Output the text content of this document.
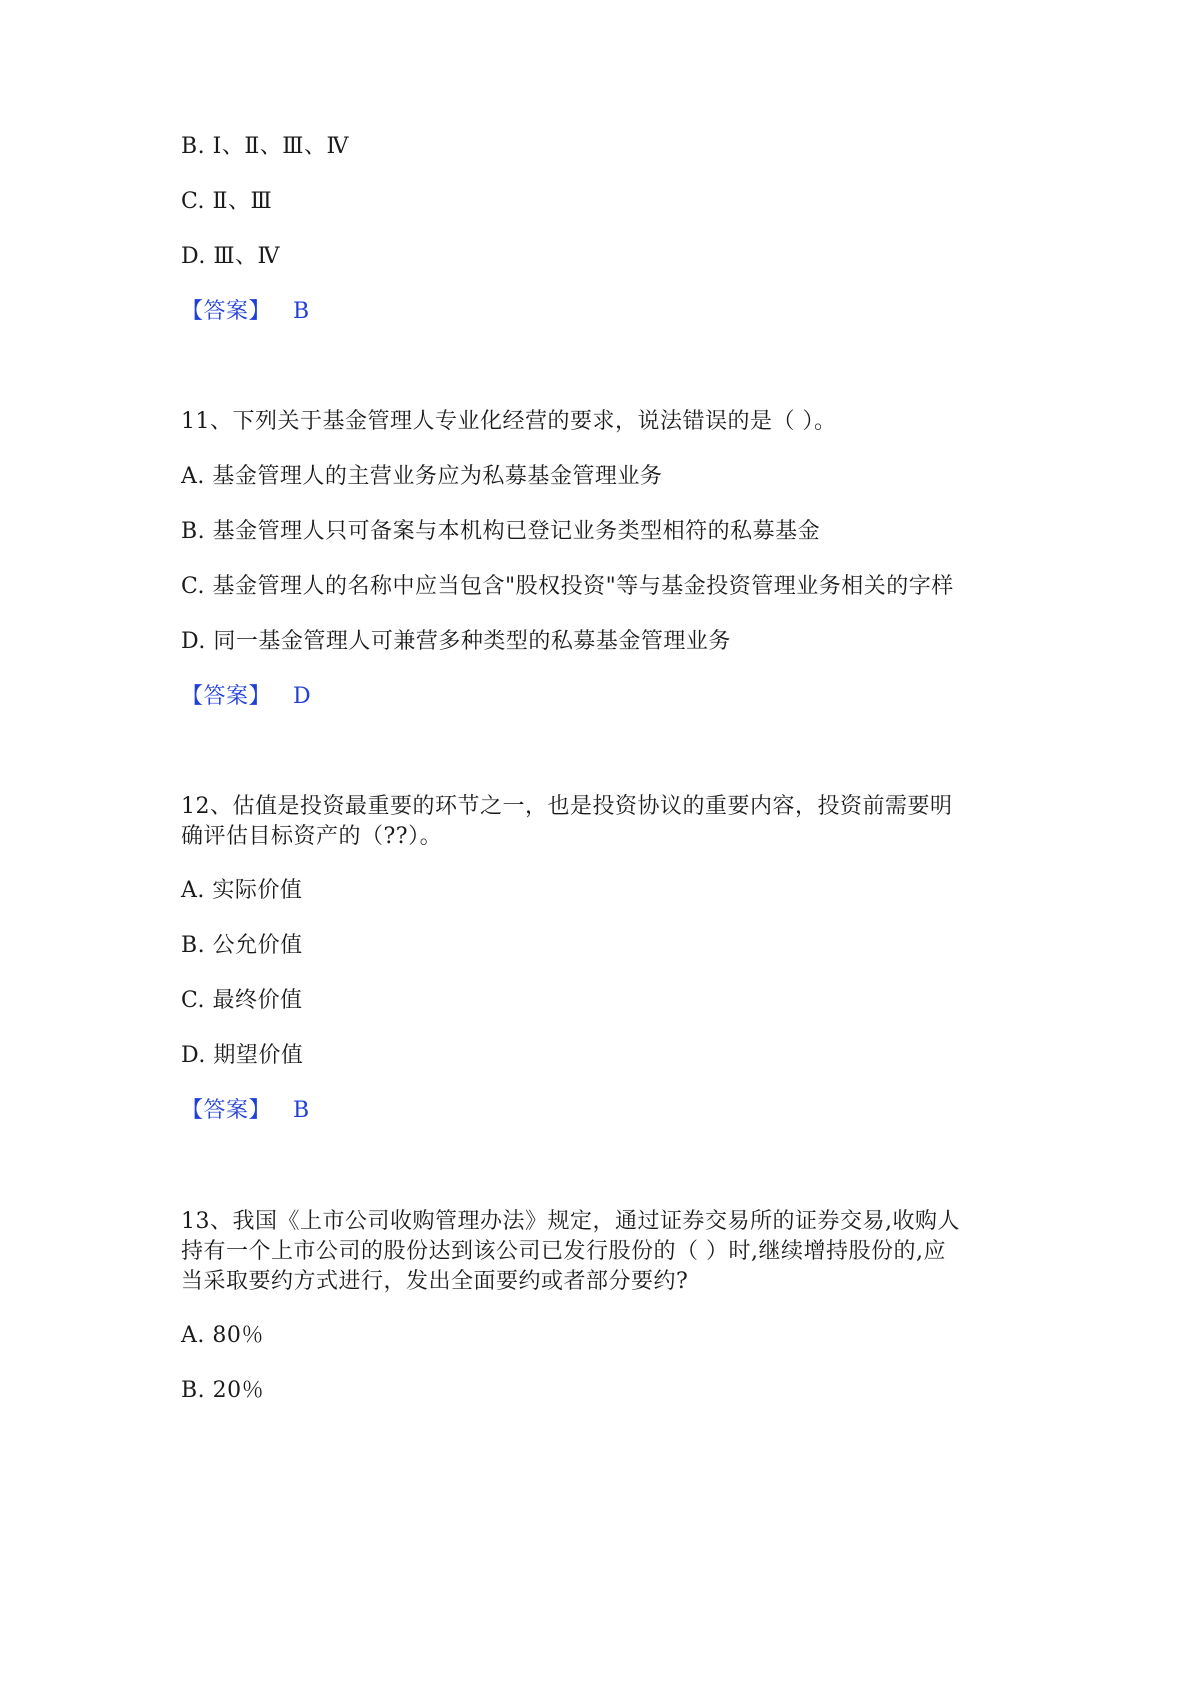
B. Ⅰ、Ⅱ、Ⅲ、Ⅳ
C. Ⅱ、Ⅲ
D. Ⅲ、Ⅳ
【答案】 B
11、下列关于基金管理人专业化经营的要求，说法错误的是（ ）。
A. 基金管理人的主营业务应为私募基金管理业务
B. 基金管理人只可备案与本机构已登记业务类型相符的私募基金
C. 基金管理人的名称中应当包含"股权投资"等与基金投资管理业务相关的字样
D. 同一基金管理人可兼营多种类型的私募基金管理业务
【答案】 D
12、估值是投资最重要的环节之一，也是投资协议的重要内容，投资前需要明
确评估目标资产的（??）。
A. 实际价值
B. 公允价值
C. 最终价值
D. 期望价值
【答案】 B
13、我国《上市公司收购管理办法》规定，通过证券交易所的证券交易,收购人
持有一个上市公司的股份达到该公司已发行股份的（ ）时,继续增持股份的,应
当采取要约方式进行，发出全面要约或者部分要约?
A. 80％
B. 20％
